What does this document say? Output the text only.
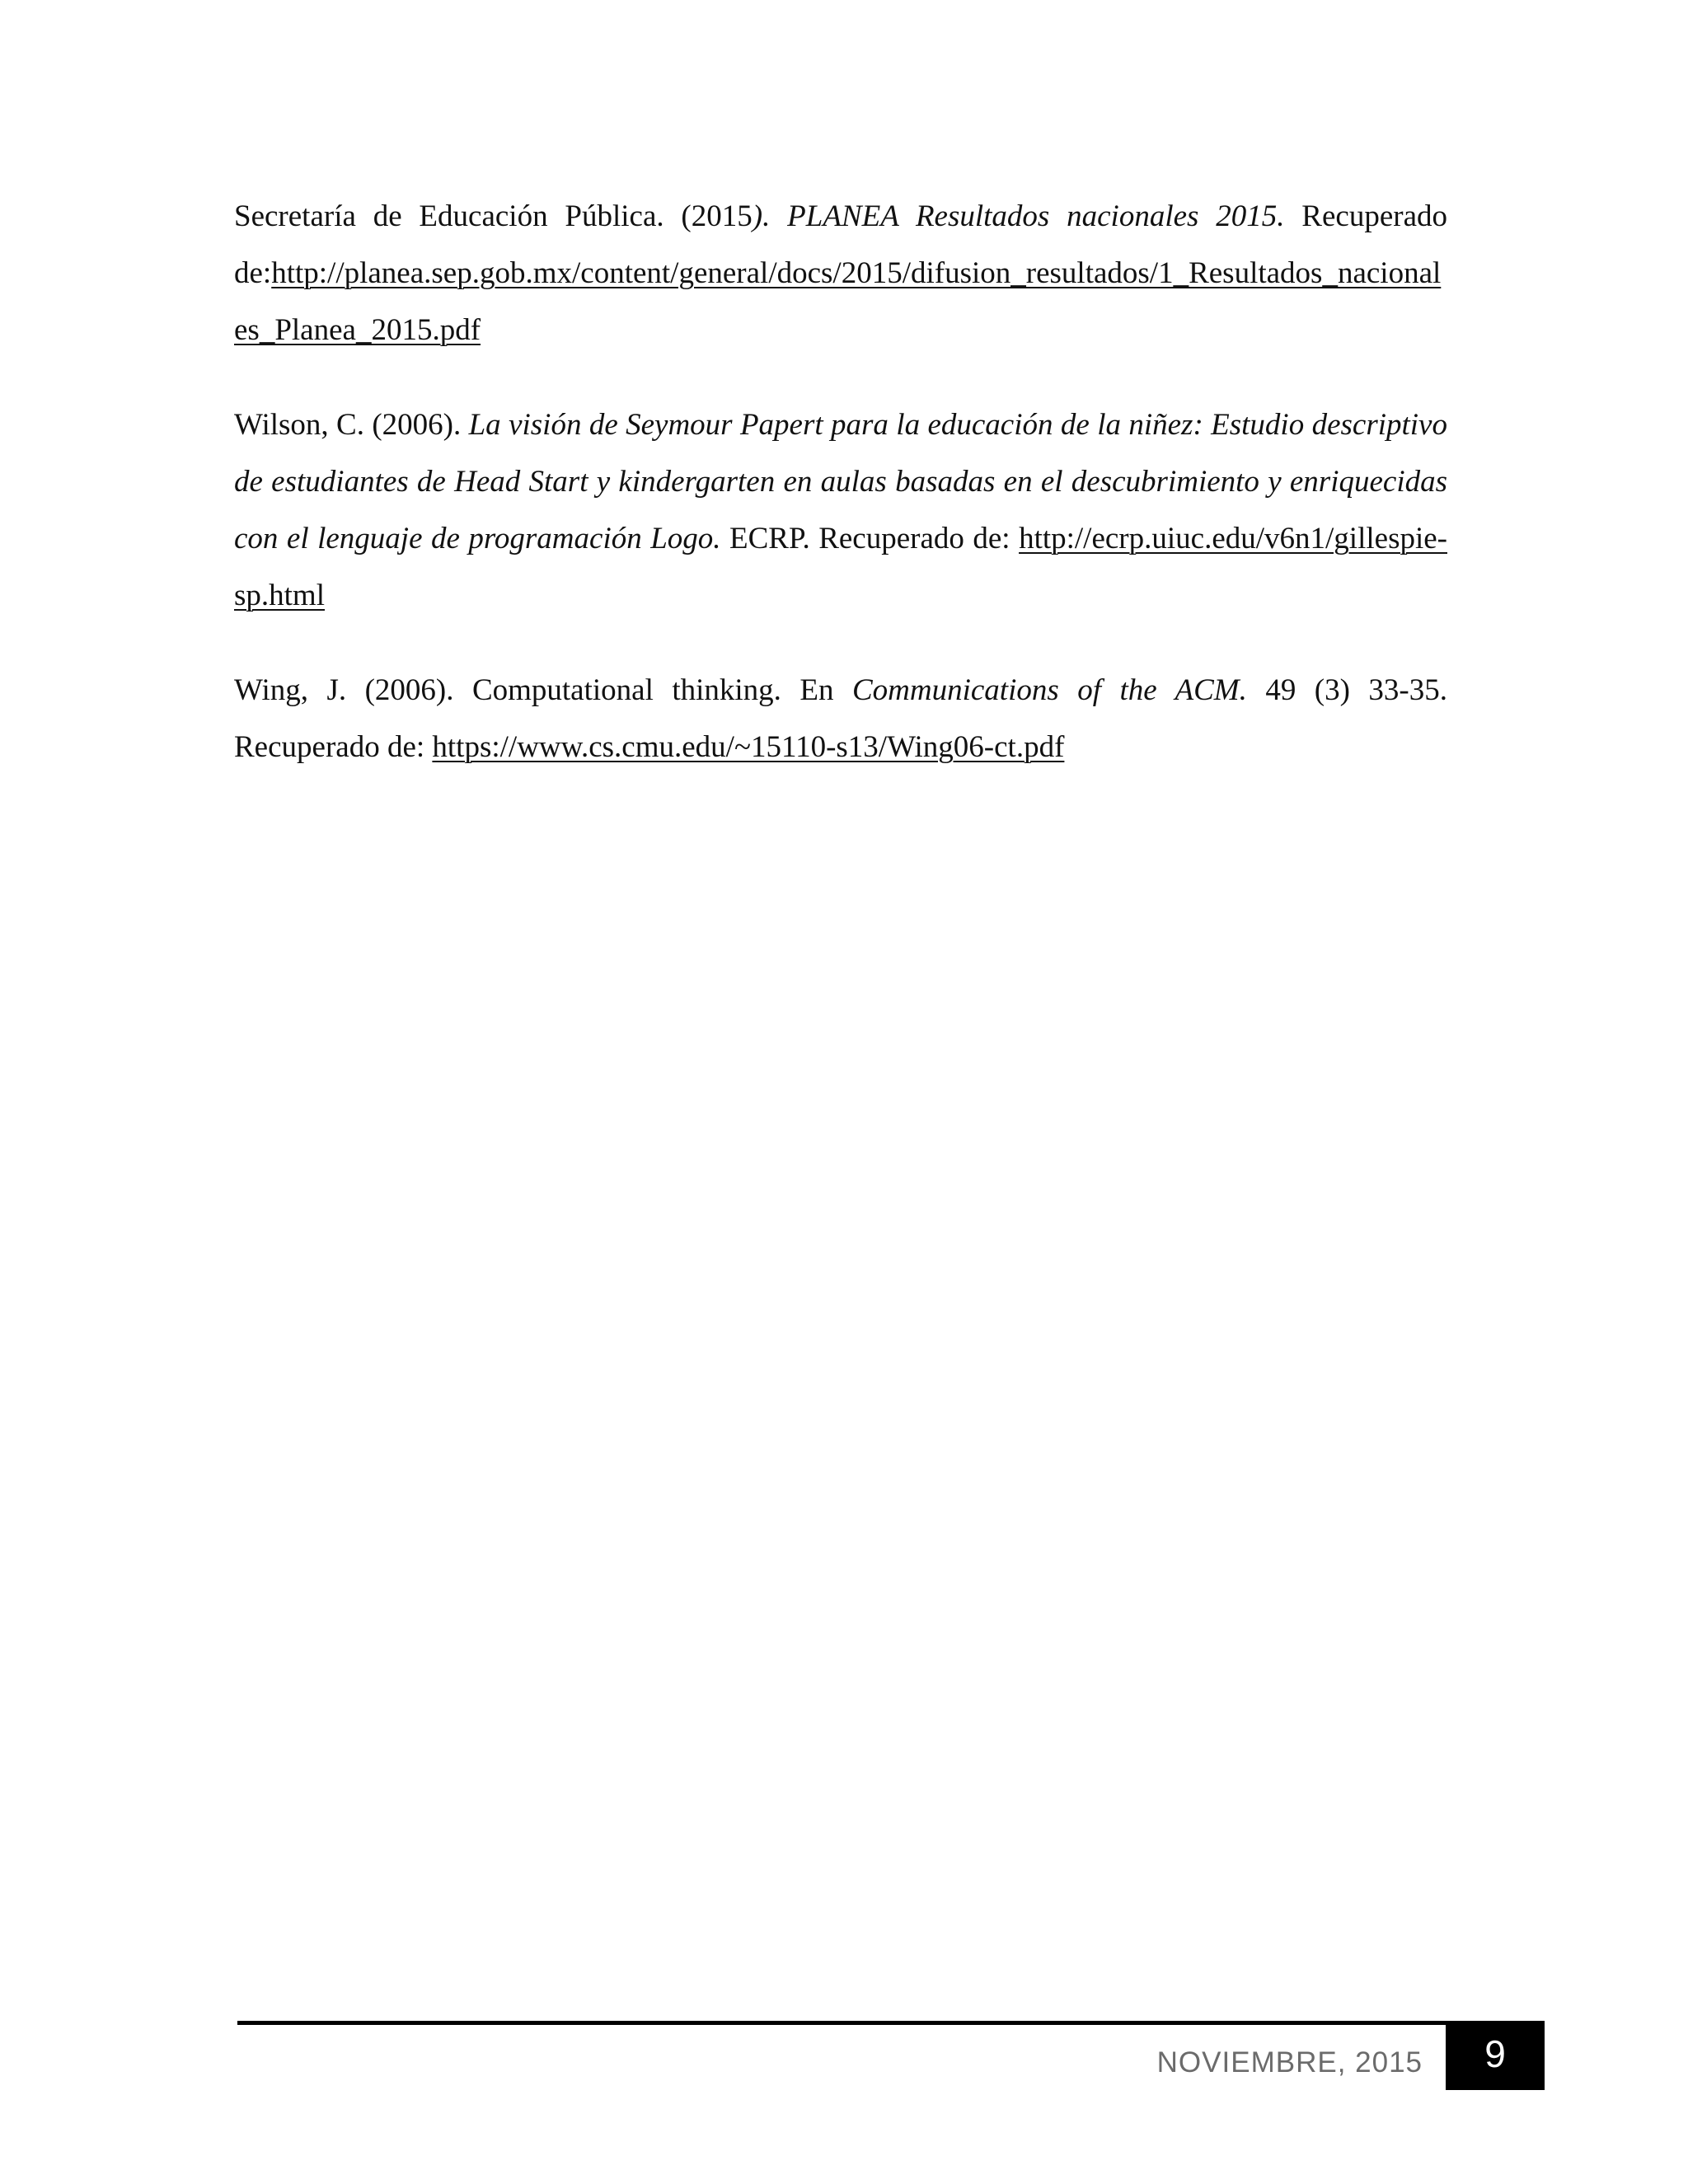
Secretaría de Educación Pública. (2015). PLANEA Resultados nacionales 2015. Recuperado de:http://planea.sep.gob.mx/content/general/docs/2015/difusion_resultados/1_Resultados_nacionales_Planea_2015.pdf

Wilson, C. (2006). La visión de Seymour Papert para la educación de la niñez: Estudio descriptivo de estudiantes de Head Start y kindergarten en aulas basadas en el descubrimiento y enriquecidas con el lenguaje de programación Logo. ECRP. Recuperado de: http://ecrp.uiuc.edu/v6n1/gillespie-sp.html

Wing, J. (2006). Computational thinking. En Communications of the ACM. 49 (3) 33-35. Recuperado de: https://www.cs.cmu.edu/~15110-s13/Wing06-ct.pdf

NOVIEMBRE, 2015	9
